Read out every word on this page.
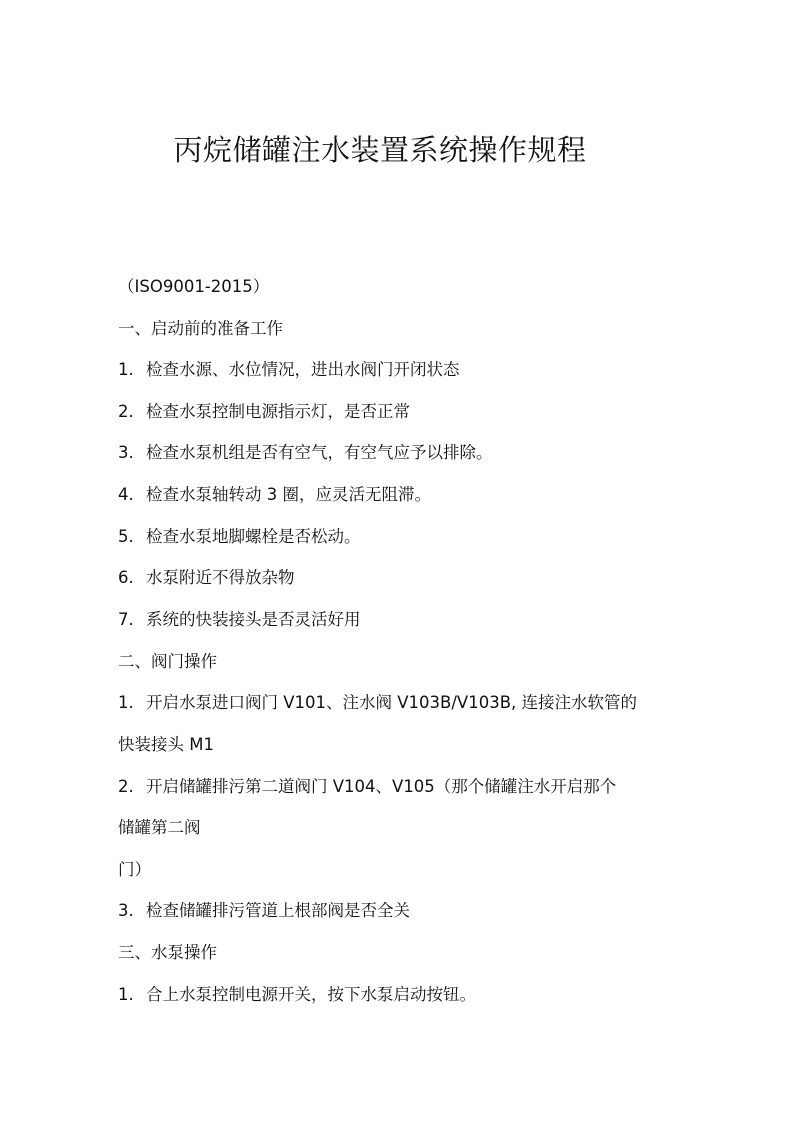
丙烷储罐注水装置系统操作规程
（ISO9001-2015）
一、启动前的准备工作
1. 检查水源、水位情况，进出水阀门开闭状态
2. 检查水泵控制电源指示灯，是否正常
3. 检查水泵机组是否有空气，有空气应予以排除。
4. 检查水泵轴转动 3 圈，应灵活无阻滞。
5. 检查水泵地脚螺栓是否松动。
6. 水泵附近不得放杂物
7. 系统的快装接头是否灵活好用
二、阀门操作
1. 开启水泵进口阀门 V101、注水阀 V103B/V103B, 连接注水软管的
快装接头 M1
2. 开启储罐排污第二道阀门 V104、V105（那个储罐注水开启那个
储罐第二阀
门）
3. 检查储罐排污管道上根部阀是否全关
三、水泵操作
1. 合上水泵控制电源开关，按下水泵启动按钮。
